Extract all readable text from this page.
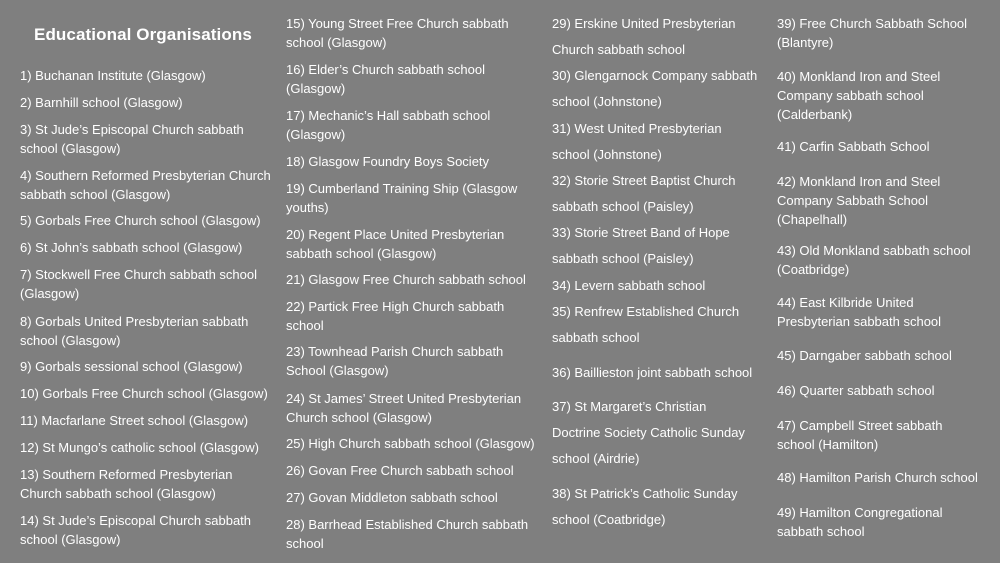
Educational Organisations
1) Buchanan Institute (Glasgow)
2) Barnhill school (Glasgow)
3) St Jude’s Episcopal Church sabbath
school (Glasgow)
4) Southern Reformed Presbyterian Church
sabbath school (Glasgow)
5) Gorbals Free Church school (Glasgow)
6) St John’s sabbath school (Glasgow)
7) Stockwell Free Church sabbath school
(Glasgow)
8) Gorbals United Presbyterian sabbath
school (Glasgow)
9) Gorbals sessional school (Glasgow)
10) Gorbals Free Church school (Glasgow)
11) Macfarlane Street school (Glasgow)
12) St Mungo’s catholic school (Glasgow)
13) Southern Reformed Presbyterian
Church sabbath school (Glasgow)
14) St Jude’s Episcopal Church sabbath
school (Glasgow)
15) Young Street Free Church sabbath
school (Glasgow)
16) Elder’s Church sabbath school
(Glasgow)
17) Mechanic’s Hall sabbath school
(Glasgow)
18) Glasgow Foundry Boys Society
19) Cumberland Training Ship (Glasgow
youths)
20) Regent Place United Presbyterian
sabbath school (Glasgow)
21) Glasgow Free Church sabbath school
22) Partick Free High Church sabbath
school
23) Townhead Parish Church sabbath
School (Glasgow)
24) St James’ Street United Presbyterian
Church school (Glasgow)
25) High Church sabbath school (Glasgow)
26) Govan Free Church sabbath school
27) Govan Middleton sabbath school
28) Barrhead Established Church sabbath
school
29) Erskine United Presbyterian
Church sabbath school
30) Glengarnock Company sabbath
school (Johnstone)
31) West United Presbyterian
school (Johnstone)
32) Storie Street Baptist Church
sabbath school (Paisley)
33) Storie Street Band of Hope
sabbath school (Paisley)
34) Levern sabbath school
35) Renfrew Established Church
sabbath school
36) Baillieston joint sabbath school
37) St Margaret’s Christian
Doctrine Society Catholic Sunday
school (Airdrie)
38) St Patrick’s Catholic Sunday
school (Coatbridge)
39) Free Church Sabbath School
(Blantyre)
40) Monkland Iron and Steel
Company sabbath school
(Calderbank)
41) Carfin Sabbath School
42) Monkland Iron and Steel
Company Sabbath School
(Chapelhall)
43) Old Monkland sabbath school
(Coatbridge)
44) East Kilbride United
Presbyterian sabbath school
45) Darngaber sabbath school
46) Quarter sabbath school
47) Campbell Street sabbath
school (Hamilton)
48) Hamilton Parish Church school
49) Hamilton Congregational
sabbath school
